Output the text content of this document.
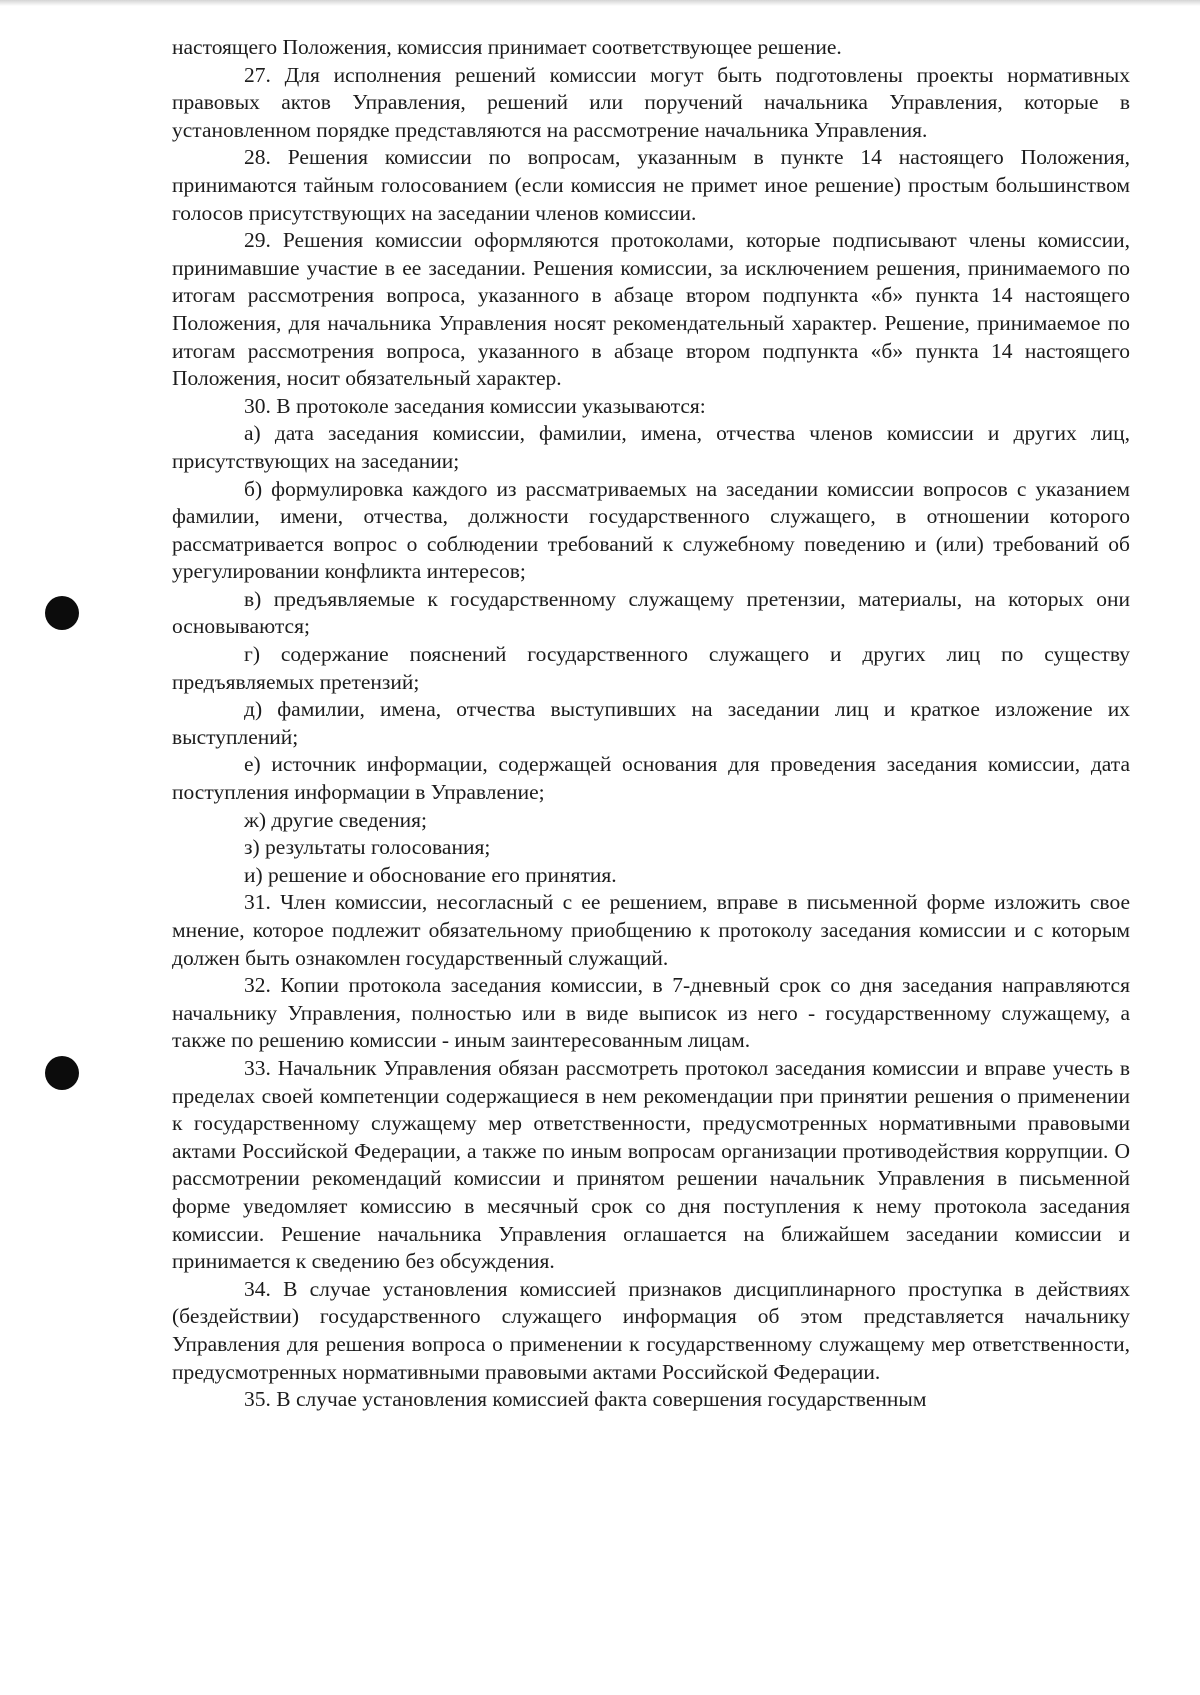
настоящего Положения, комиссия принимает соответствующее решение.

27. Для исполнения решений комиссии могут быть подготовлены проекты нормативных правовых актов Управления, решений или поручений начальника Управления, которые в установленном порядке представляются на рассмотрение начальника Управления.

28. Решения комиссии по вопросам, указанным в пункте 14 настоящего Положения, принимаются тайным голосованием (если комиссия не примет иное решение) простым большинством голосов присутствующих на заседании членов комиссии.

29. Решения комиссии оформляются протоколами, которые подписывают члены комиссии, принимавшие участие в ее заседании. Решения комиссии, за исключением решения, принимаемого по итогам рассмотрения вопроса, указанного в абзаце втором подпункта «б» пункта 14 настоящего Положения, для начальника Управления носят рекомендательный характер. Решение, принимаемое по итогам рассмотрения вопроса, указанного в абзаце втором подпункта «б» пункта 14 настоящего Положения, носит обязательный характер.

30. В протоколе заседания комиссии указываются:

а) дата заседания комиссии, фамилии, имена, отчества членов комиссии и других лиц, присутствующих на заседании;

б) формулировка каждого из рассматриваемых на заседании комиссии вопросов с указанием фамилии, имени, отчества, должности государственного служащего, в отношении которого рассматривается вопрос о соблюдении требований к служебному поведению и (или) требований об урегулировании конфликта интересов;

в) предъявляемые к государственному служащему претензии, материалы, на которых они основываются;

г) содержание пояснений государственного служащего и других лиц по существу предъявляемых претензий;

д) фамилии, имена, отчества выступивших на заседании лиц и краткое изложение их выступлений;

е) источник информации, содержащей основания для проведения заседания комиссии, дата поступления информации в Управление;

ж) другие сведения;

з) результаты голосования;

и) решение и обоснование его принятия.

31. Член комиссии, несогласный с ее решением, вправе в письменной форме изложить свое мнение, которое подлежит обязательному приобщению к протоколу заседания комиссии и с которым должен быть ознакомлен государственный служащий.

32. Копии протокола заседания комиссии, в 7-дневный срок со дня заседания направляются начальнику Управления, полностью или в виде выписок из него - государственному служащему, а также по решению комиссии - иным заинтересованным лицам.

33. Начальник Управления обязан рассмотреть протокол заседания комиссии и вправе учесть в пределах своей компетенции содержащиеся в нем рекомендации при принятии решения о применении к государственному служащему мер ответственности, предусмотренных нормативными правовыми актами Российской Федерации, а также по иным вопросам организации противодействия коррупции. О рассмотрении рекомендаций комиссии и принятом решении начальник Управления в письменной форме уведомляет комиссию в месячный срок со дня поступления к нему протокола заседания комиссии. Решение начальника Управления оглашается на ближайшем заседании комиссии и принимается к сведению без обсуждения.

34. В случае установления комиссией признаков дисциплинарного проступка в действиях (бездействии) государственного служащего информация об этом представляется начальнику Управления для решения вопроса о применении к государственному служащему мер ответственности, предусмотренных нормативными правовыми актами Российской Федерации.

35. В случае установления комиссией факта совершения государственным
